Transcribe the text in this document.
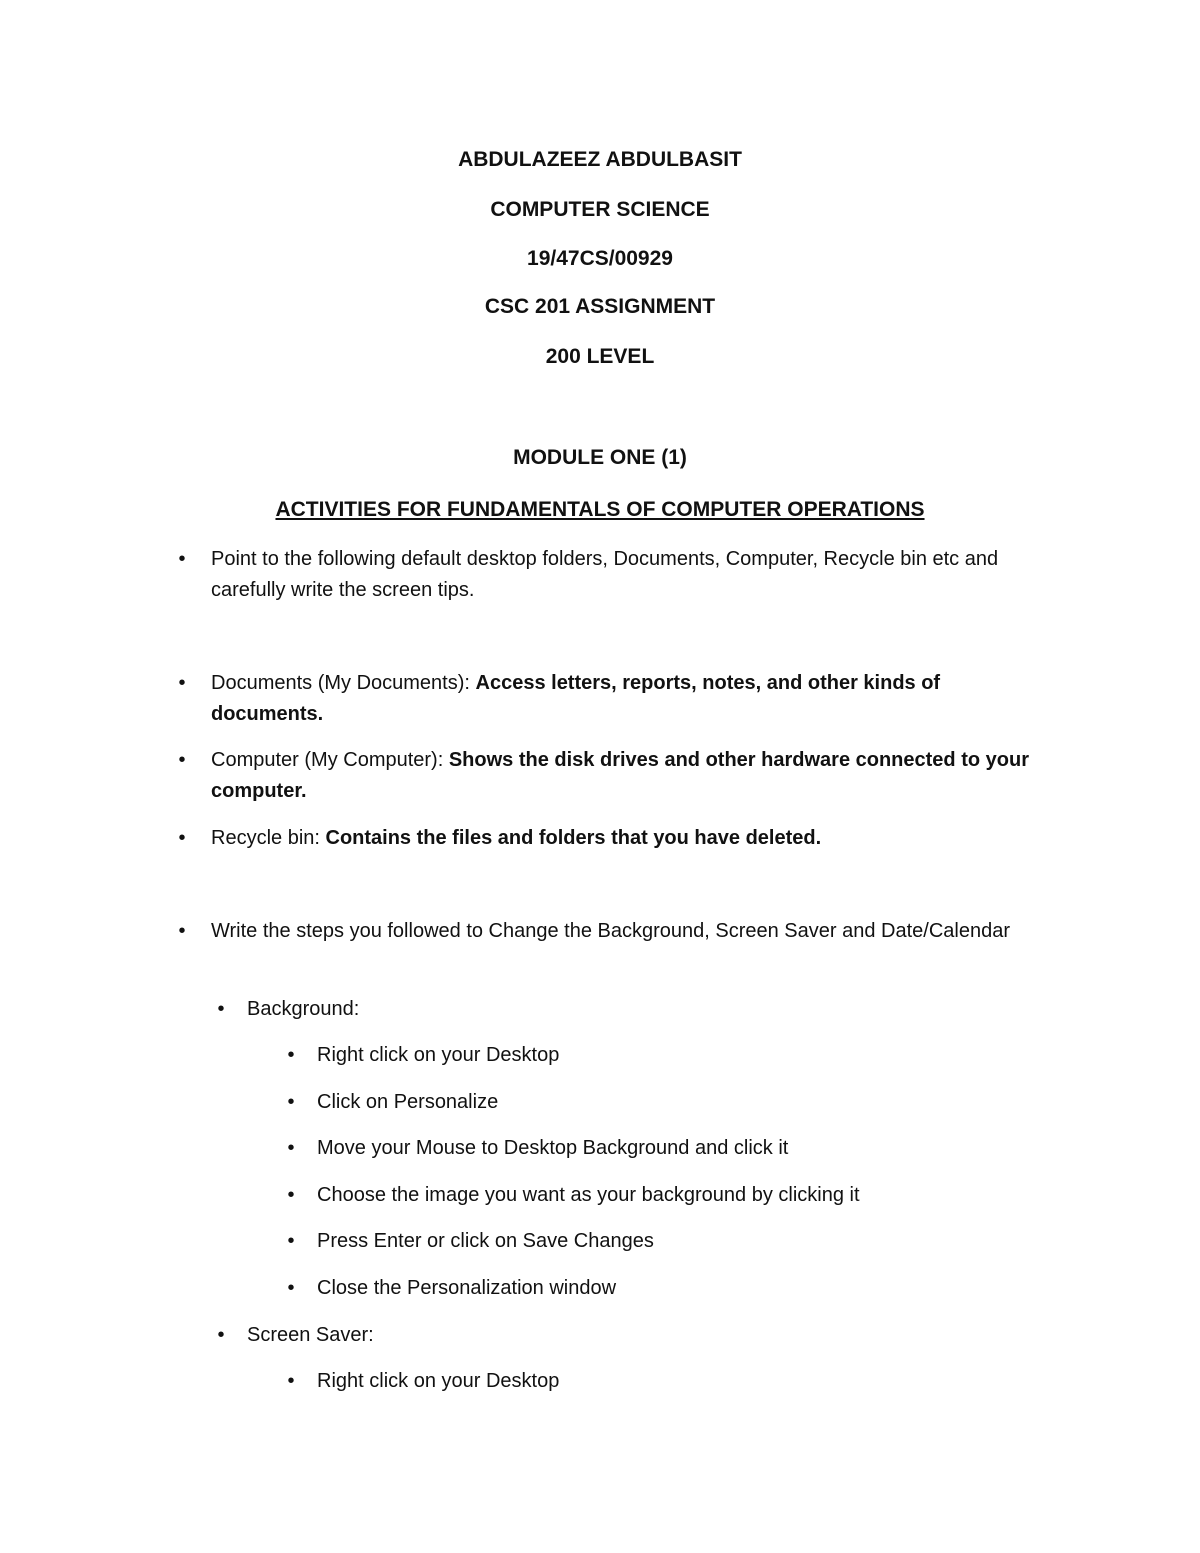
ABDULAZEEZ ABDULBASIT
COMPUTER SCIENCE
19/47CS/00929
CSC 201 ASSIGNMENT
200 LEVEL
MODULE ONE (1)
ACTIVITIES FOR FUNDAMENTALS OF COMPUTER OPERATIONS
• Point to the following default desktop folders, Documents, Computer, Recycle bin etc and carefully write the screen tips.
• Documents (My Documents): Access letters, reports, notes, and other kinds of documents.
• Computer (My Computer): Shows the disk drives and other hardware connected to your computer.
• Recycle bin: Contains the files and folders that you have deleted.
• Write the steps you followed to Change the Background, Screen Saver and Date/Calendar
• Background:
• Right click on your Desktop
• Click on Personalize
• Move your Mouse to Desktop Background and click it
• Choose the image you want as your background by clicking it
• Press Enter or click on Save Changes
• Close the Personalization window
• Screen Saver:
• Right click on your Desktop
